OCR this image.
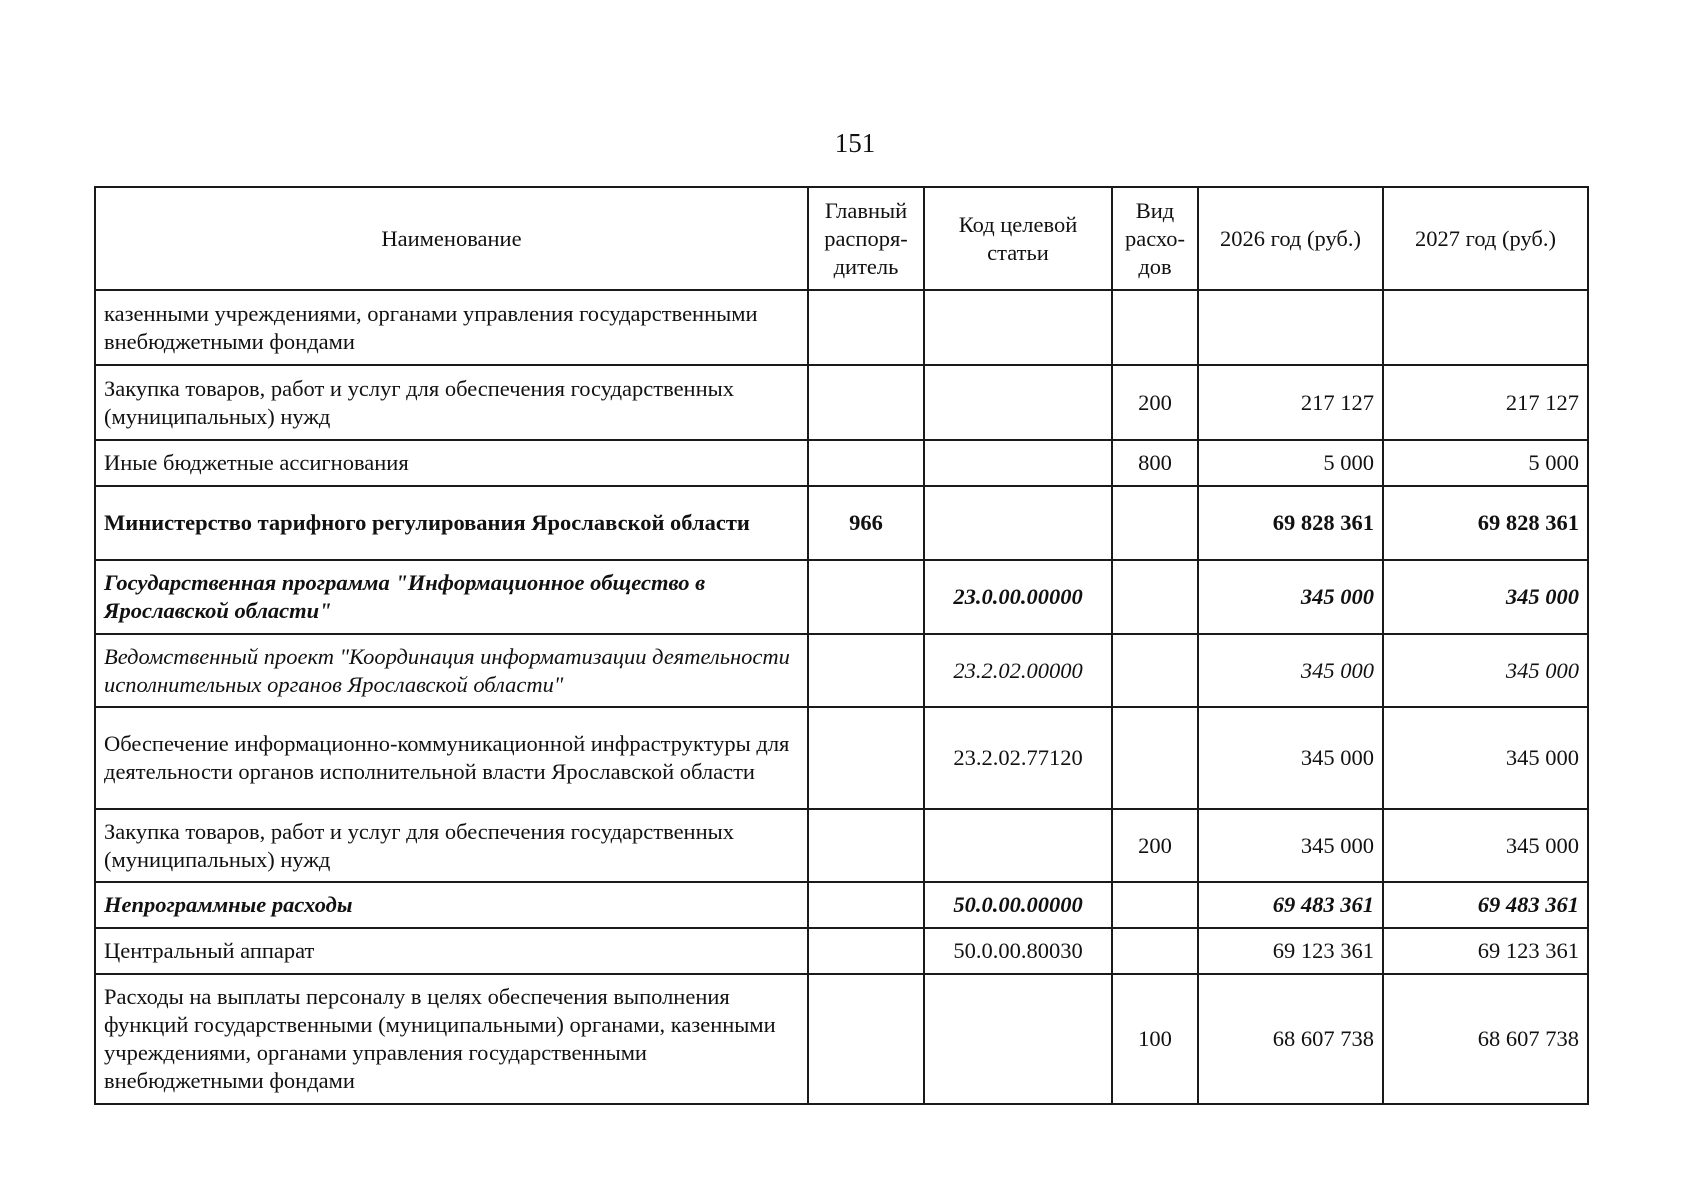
151
Наименование	Главный распоря-дитель	Код целевой статьи	Вид расхо-дов	2026 год (руб.)	2027 год (руб.)
казенными учреждениями, органами управления государственными внебюджетными фондами					
Закупка товаров, работ и услуг для обеспечения государственных (муниципальных) нужд			200	217 127	217 127
Иные бюджетные ассигнования			800	5 000	5 000
Министерство тарифного регулирования Ярославской области	966			69 828 361	69 828 361
Государственная программа "Информационное общество в Ярославской области"		23.0.00.00000		345 000	345 000
Ведомственный проект "Координация информатизации деятельности исполнительных органов Ярославской области"		23.2.02.00000		345 000	345 000
Обеспечение информационно-коммуникационной инфраструктуры для деятельности органов исполнительной власти Ярославской области		23.2.02.77120		345 000	345 000
Закупка товаров, работ и услуг для обеспечения государственных (муниципальных) нужд			200	345 000	345 000
Непрограммные расходы		50.0.00.00000		69 483 361	69 483 361
Центральный аппарат		50.0.00.80030		69 123 361	69 123 361
Расходы на выплаты персоналу в целях обеспечения выполнения функций государственными (муниципальными) органами, казенными учреждениями, органами управления государственными внебюджетными фондами			100	68 607 738	68 607 738
